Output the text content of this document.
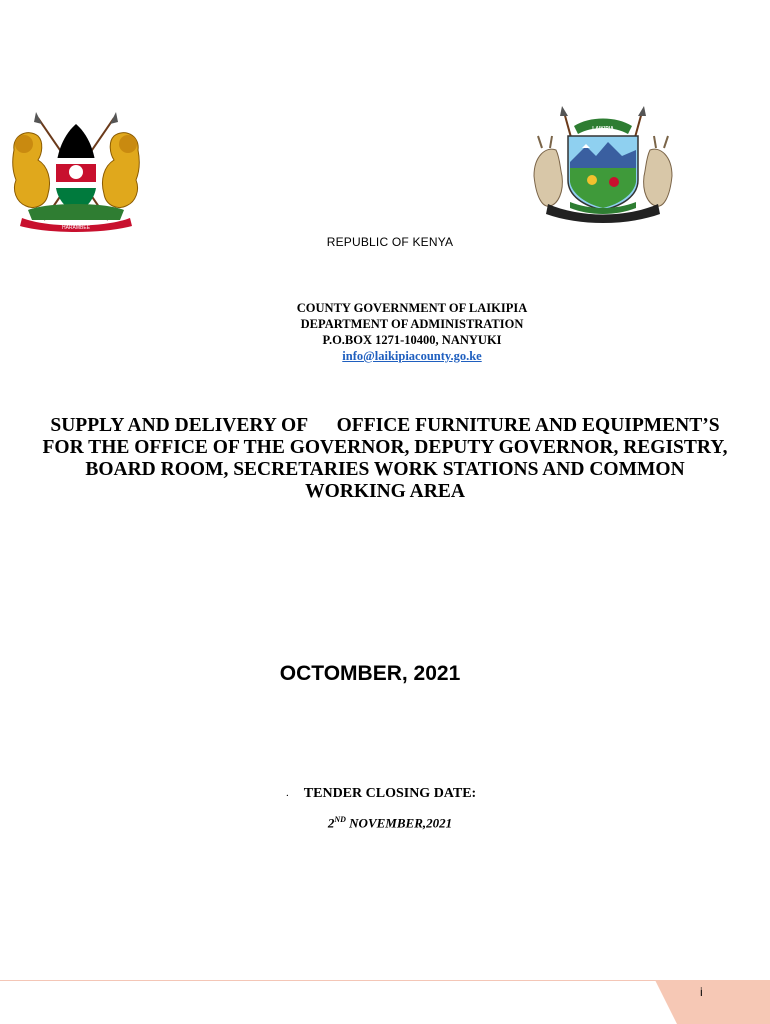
HARAMBEE
LAIKIPIA
REPUBLIC OF KENYA
COUNTY GOVERNMENT OF LAIKIPIA
DEPARTMENT OF ADMINISTRATION
P.O.BOX 1271-10400, NANYUKI
info@laikipiacounty.go.ke
SUPPLY AND DELIVERY OF      OFFICE FURNITURE AND EQUIPMENT’S
FOR THE OFFICE OF THE GOVERNOR, DEPUTY GOVERNOR, REGISTRY,
BOARD ROOM, SECRETARIES WORK STATIONS AND COMMON
WORKING AREA
OCTOMBER, 2021
.	TENDER CLOSING DATE:
2ND NOVEMBER,2021
i
